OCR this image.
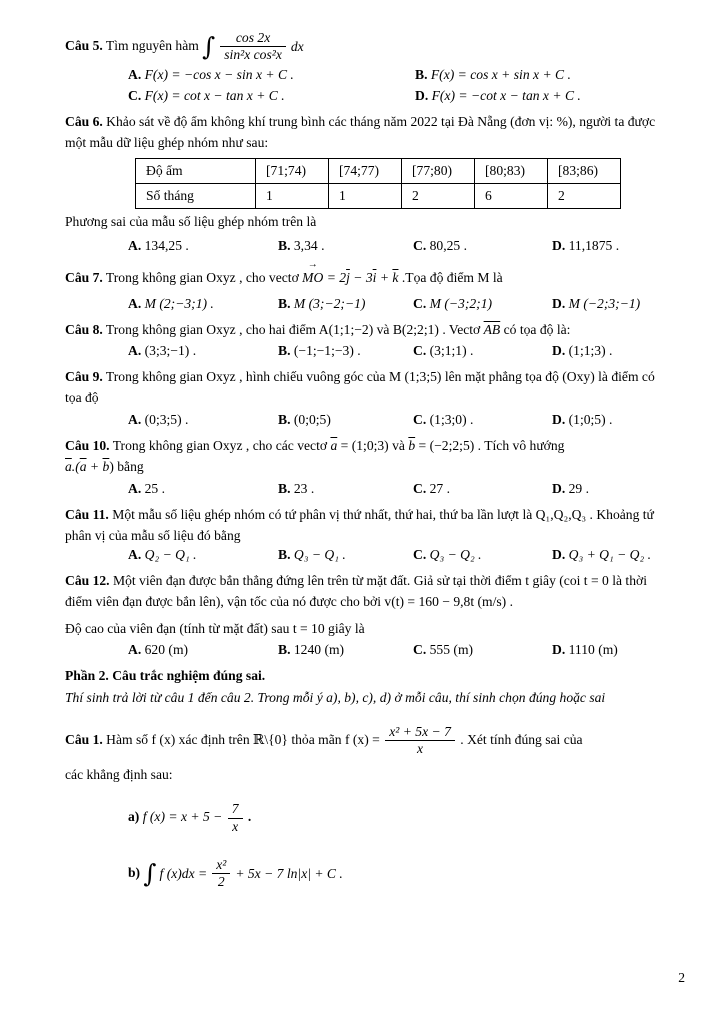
Câu 5. Tìm nguyên hàm ∫ $\frac{\cos 2x}{\text{sin²x cos²x}}$ dx

A. F(x) = −cos x − sin x + C .	B. F(x) = cos x + sin x + C .
C. F(x) = cot x − tan x + C .	D. F(x) = −cot x − tan x + C .

Câu 6. Khảo sát về độ ẩm không khí trung bình các tháng năm 2022 tại Đà Nẵng (đơn vị: %), người ta được một mẫu dữ liệu ghép nhóm như sau:

Độ ẩm	[71;74)	[74;77)	[77;80)	[80;83)	[83;86)
Số tháng	1	1	2	6	2

Phương sai của mẫu số liệu ghép nhóm trên là

A. 134,25 .	B. 3,34 .	C. 80,25 .	D. 11,1875 .

Câu 7. Trong không gian Oxyz , cho vectơ MO → = $2\overline{j} - 3\overline{i} + \overline{k}$ .Tọa độ điểm M là

A. M (2;−3;1) .	B. M (3;−2;−1)	C. M (−3;2;1)	D. M (−2;3;−1)

Câu 8. Trong không gian Oxyz , cho hai điểm A(1;1;−2) và B(2;2;1) . Vectơ $\overline{AB}$ có tọa độ là:

A. (3;3;−1) .	B. (−1;−1;−3) .	C. (3;1;1) .	D. (1;1;3) .

Câu 9. Trong không gian Oxyz , hình chiếu vuông góc của M (1;3;5) lên mặt phẳng tọa độ (Oxy) là điểm có tọa độ

A. (0;3;5) .	B. (0;0;5)	C. (1;3;0) .	D. (1;0;5) .

Câu 10. Trong không gian Oxyz , cho các vectơ $\overline{a}$ = (1;0;3) và $\overline{b}$ = (−2;2;5) . Tích vô hướng

$\overline{a}.(\overline{a} + \overline{b})$ bằng

A. 25 .	B. 23 .	C. 27 .	D. 29 .

Câu 11. Một mẫu số liệu ghép nhóm có tứ phân vị thứ nhất, thứ hai, thứ ba lần lượt là Q₁,Q₂,Q₃ . Khoảng tứ phân vị của mẫu số liệu đó bằng

A. Q₂ − Q₁ .	B. Q₃ − Q₁ .	C. Q₃ − Q₂ .	D. Q₃ + Q₁ − Q₂ .

Câu 12. Một viên đạn được bắn thẳng đứng lên trên từ mặt đất. Giả sử tại thời điểm t giây (coi t = 0 là thời điểm viên đạn được bắn lên), vận tốc của nó được cho bởi v(t) = 160 − 9,8t (m/s) .

Độ cao của viên đạn (tính từ mặt đất) sau t = 10 giây là

A. 620 (m)	B. 1240 (m)	C. 555 (m)	D. 1110 (m)

Phần 2. Câu trắc nghiệm đúng sai.

Thí sinh trả lời từ câu 1 đến câu 2. Trong mỗi ý a), b), c), d) ở mỗi câu, thí sinh chọn đúng hoặc sai

Câu 1. Hàm số f (x) xác định trên ℝ\{0} thỏa mãn f $(x) = \frac{\text{x² + 5x − 7}}{x}$ . Xét tính đúng sai của

các khẳng định sau:

a) f $(x) = x + 5 - \frac{7}{x}$ .

b) ∫ f $(x)dx = \frac{\text{x²}}{2} + 5x - 7$ ln|x| + C .

2
